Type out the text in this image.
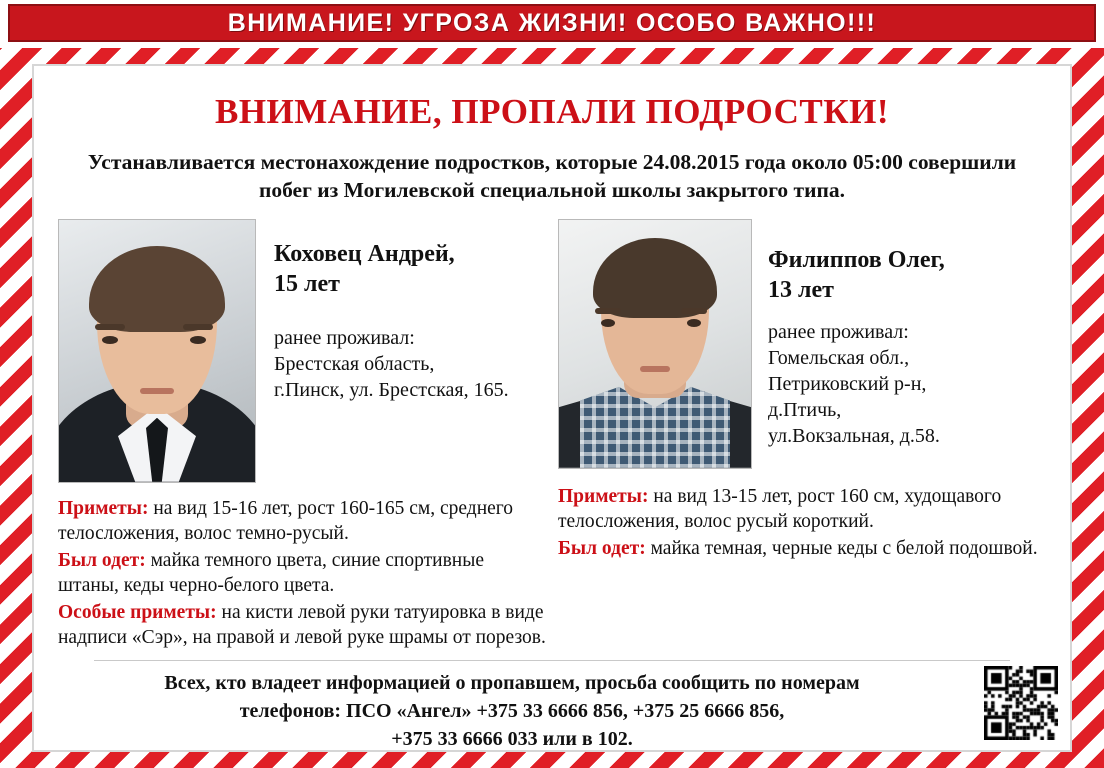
ВНИМАНИЕ! УГРОЗА ЖИЗНИ! ОСОБО ВАЖНО!!!
ВНИМАНИЕ, ПРОПАЛИ ПОДРОСТКИ!
Устанавливается местонахождение подростков, которые 24.08.2015 года около 05:00 совершили побег из Могилевской специальной школы закрытого типа.
Коховец Андрей,
15 лет
ранее проживал:
Брестская область,
г.Пинск, ул. Брестская, 165.

Приметы: на вид 15-16 лет, рост 160-165 см, среднего телосложения, волос темно-русый.

Был одет: майка темного цвета, синие спортивные штаны, кеды черно-белого цвета.

Особые приметы: на кисти левой руки татуировка в виде надписи «Сэр», на правой и левой руке шрамы от порезов.

Филиппов Олег,
13 лет
ранее проживал:
Гомельская обл.,
Петриковский р-н,
д.Птичь,
ул.Вокзальная, д.58.

Приметы: на вид 13-15 лет, рост 160 см, худощавого телосложения, волос русый короткий.

Был одет: майка темная, черные кеды с белой подошвой.

Всех, кто владеет информацией о пропавшем, просьба сообщить по номерам
телефонов: ПСО «Ангел» +375 33 6666 856, +375 25 6666 856,
+375 33 6666 033 или в 102.
